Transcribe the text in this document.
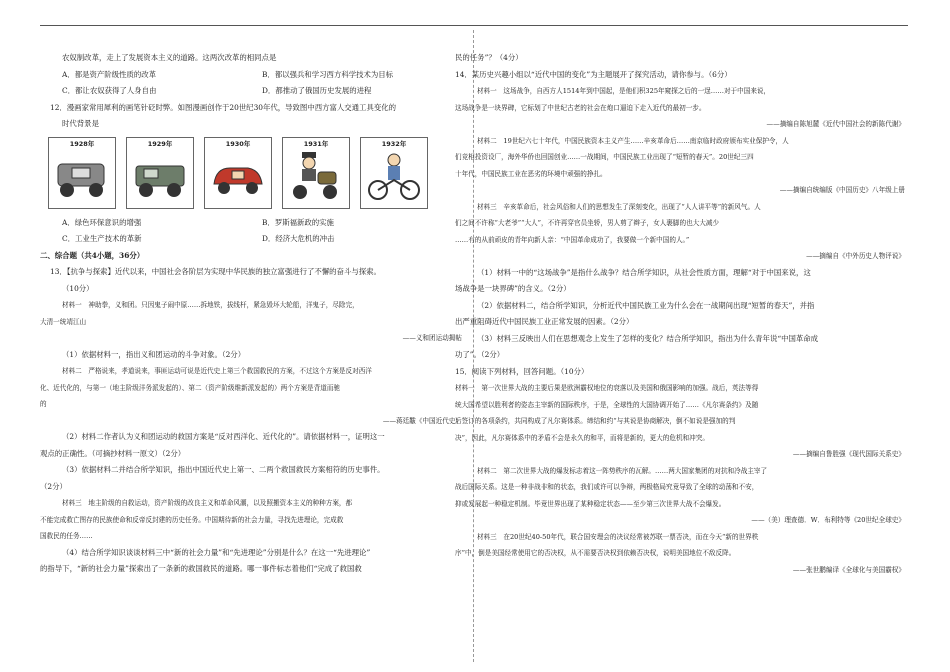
农奴制改革，走上了发展资本主义的道路。这两次改革的相同点是

A．都是资产阶级性质的改革	B．都以强兵和学习西方科学技术为目标

C．都让农奴获得了人身自由	D．都推动了俄国历史发展的进程

12．漫画家常用犀利的画笔针砭时弊。如图漫画创作于20世纪30年代，导致图中西方富人交通工具变化的

时代背景是

1928年	1929年	1930年	1931年	1932年

A．绿色环保意识的增强	B．罗斯福新政的实施

C．工业生产技术的革新	D．经济大危机的冲击

二、综合题（共4小题，36分）

13．【抗争与探索】近代以来，中国社会各阶层为实现中华民族的独立富强进行了不懈的奋斗与探索。

（10分）

材料一　神助拳，义和团。只因鬼子闹中原……拆地铁，拔线杆，紧急毁坏大轮船，洋鬼子，尽除完，

大清一统靖江山

——义和团运动揭帖

（1）依据材料一，指出义和团运动的斗争对象。（2分）

材料二　严格说来，孝道说来，事匪运动可说是近代史上第三个救国救民的方案，不过这个方案是反对西洋

化、近代化的，与第一（地主阶级洋务派发起的）、第二（资产阶级维新派发起的）两个方案是背道而驰

的

——蒋廷黻《中国近代史》

（2）材料二作者认为义和团运动的救国方案是“反对西洋化、近代化的”。请依据材料一，证明这一

观点的正确性。（可摘抄材料一原文）（2分）

（3）依据材料二并结合所学知识，指出中国近代史上第一、二两个救国救民方案相符的历史事件。

（2分）

材料三　地主阶级的自救运动，资产阶级的改良主义和革命风潮，以及照搬资本主义的种种方案，都

不能完成救亡图存的民族使命和反帝反封建的历史任务。中国期待新的社会力量，寻找先进理论，完成救

国救民的任务……

（4）结合所学知识谈谈材料三中“新的社会力量”和“先进理论”分别是什么？在这一“先进理论”

的指导下，“新的社会力量”探索出了一条新的救国救民的道路。哪一事件标志着他们“完成了救国救

民的任务”？（4分）

14．某历史兴趣小组以“近代中国的变化”为主题展开了探究活动，请你参与。（6分）

材料一　这场战争，自西方人1514年到中国起，是他们积325年窥探之后的一逞……对于中国来说，

这场战争是一块界碑，它标划了中世纪古老的社会在炮口逼迫下走入近代的最初一步。

——摘编自陈旭麓《近代中国社会的新陈代谢》

材料二　19世纪六七十年代，中国民族资本主义产生……辛亥革命后……南京临时政府颁布实业保护令，人

们竞相投资设厂，海外华侨也回国创业……一战期间，中国民族工业出现了“短暂的春天”。20世纪三四

十年代，中国民族工业在恶劣的环境中顽强的挣扎。

——摘编自统编版《中国历史》八年级上册

材料三　辛亥革命后，社会风俗和人们的思想发生了深刻变化，出现了“人人讲平等”的新风气。人

们之间不许称“大老爷”“大人”，不许再穿官员坐轿，男人剪了辫子，女人裹脚的也大大减少

……有的从前顽皮的青年向新人亲：“中国革命成功了，我要做一个新中国的人。”

——摘编自《中外历史人物评说》

（1）材料一中的“这场战争”是指什么战争？结合所学知识，从社会性质方面，理解“对于中国来说，这

场战争是一块界碑”的含义。（2分）

（2）依据材料二，结合所学知识，分析近代中国民族工业为什么会在一战期间出现“短暂的春天”，并指

出严重阻碍近代中国民族工业正常发展的因素。（2分）

（3）材料三反映出人们在思想观念上发生了怎样的变化？结合所学知识，指出为什么青年说“中国革命成

功了”。（2分）

15．阅读下列材料，回答问题。（10分）

材料一　第一次世界大战的主要后果是欧洲霸权地位的衰落以及美国和俄国影响的加强。战后，英法等得

统大国希望以胜利者的姿态主宰新的国际秩序，于是，全球性的大国协调开始了……《凡尔赛条约》及随

后签订的各项条约，共同构成了凡尔赛体系。缔结和约“与其说是协商解决，倒不如说是强加的判

决”，因此，凡尔赛体系中的矛盾不会是永久的和平，而将是新的，更大的危机和冲突。

——摘编自鲁胜强《现代国际关系史》

材料二　第二次世界大战的爆发标志着这一阵势秩序的瓦解。……两大国家集团的对抗和冷战主宰了

战后国际关系。这是一种非战非和的状态，我们或许可以争辩，两极格局究竟导致了全球的动荡和不安，

抑或发展起一种稳定机制。毕竟世界出现了某种稳定状态——至少第三次世界大战不会爆发。

——（美）理查德．W．布利特等《20世纪全球史》

材料三　在20世纪40-50年代，联合国安理会的决议经常被苏联一票否决，而在今天“新的世界秩

序”中，倒是美国经常使用它的否决权，从不需要否决权到依赖否决权，说明美国地位不敌反降。

——张世鹏编译《全球化与美国霸权》
